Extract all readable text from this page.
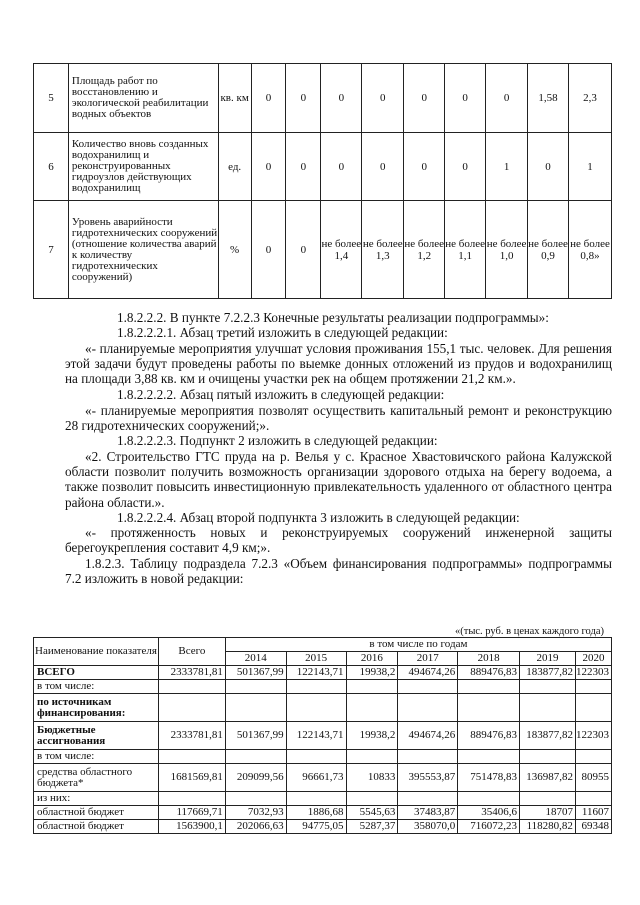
5	Площадь работ по восстановлению и экологической реабилитации водных объектов	кв. км	0	0	0	0	0	0	0	1,58	2,3
6	Количество вновь созданных водохранилищ и реконструированных гидроузлов действующих водохранилищ	ед.	0	0	0	0	0	0	1	0	1
7	Уровень аварийности гидротехнических сооружений (отношение количества аварий к количеству гидротехнических сооружений)	%	0	0	не более 1,4	не более 1,3	не более 1,2	не более 1,1	не более 1,0	не более 0,9	не более 0,8»

1.8.2.2.2. В пункте 7.2.2.3 Конечные результаты реализации подпрограммы»:

1.8.2.2.2.1. Абзац третий изложить в следующей редакции:

«- планируемые мероприятия улучшат условия проживания 155,1 тыс. человек. Для решения этой задачи будут проведены работы по выемке донных отложений из прудов и водохранилищ на площади 3,88 кв. км и очищены участки рек на общем протяжении 21,2 км.».

1.8.2.2.2.2. Абзац пятый изложить в следующей редакции:

«- планируемые мероприятия позволят осуществить капитальный ремонт и реконструкцию 28 гидротехнических сооружений;».

1.8.2.2.2.3. Подпункт 2 изложить в следующей редакции:

«2. Строительство ГТС пруда на р. Велья у с. Красное Хвастовичского района Калужской области позволит получить возможность организации здорового отдыха на берегу водоема, а также позволит повысить инвестиционную привлекательность удаленного от областного центра района области.».

1.8.2.2.2.4. Абзац второй подпункта 3 изложить в следующей редакции:

«- протяженность новых и реконструируемых сооружений инженерной защиты берегоукрепления составит 4,9 км;».

1.8.2.3. Таблицу подраздела 7.2.3 «Объем финансирования подпрограммы» подпрограммы 7.2 изложить в новой редакции:

«(тыс. руб. в ценах каждого года)
Наименование показателя	Всего	в том числе по годам						
		2014	2015	2016	2017	2018	2019	2020
ВСЕГО	2333781,81	501367,99	122143,71	19938,2	494674,26	889476,83	183877,82	122303
в том числе:								
по источникам финансирования:								
Бюджетные ассигнования	2333781,81	501367,99	122143,71	19938,2	494674,26	889476,83	183877,82	122303
в том числе:								
средства областного бюджета*	1681569,81	209099,56	96661,73	10833	395553,87	751478,83	136987,82	80955
из них:								
областной бюджет	117669,71	7032,93	1886,68	5545,63	37483,87	35406,6	18707	11607
областной бюджет	1563900,1	202066,63	94775,05	5287,37	358070,0	716072,23	118280,82	69348
